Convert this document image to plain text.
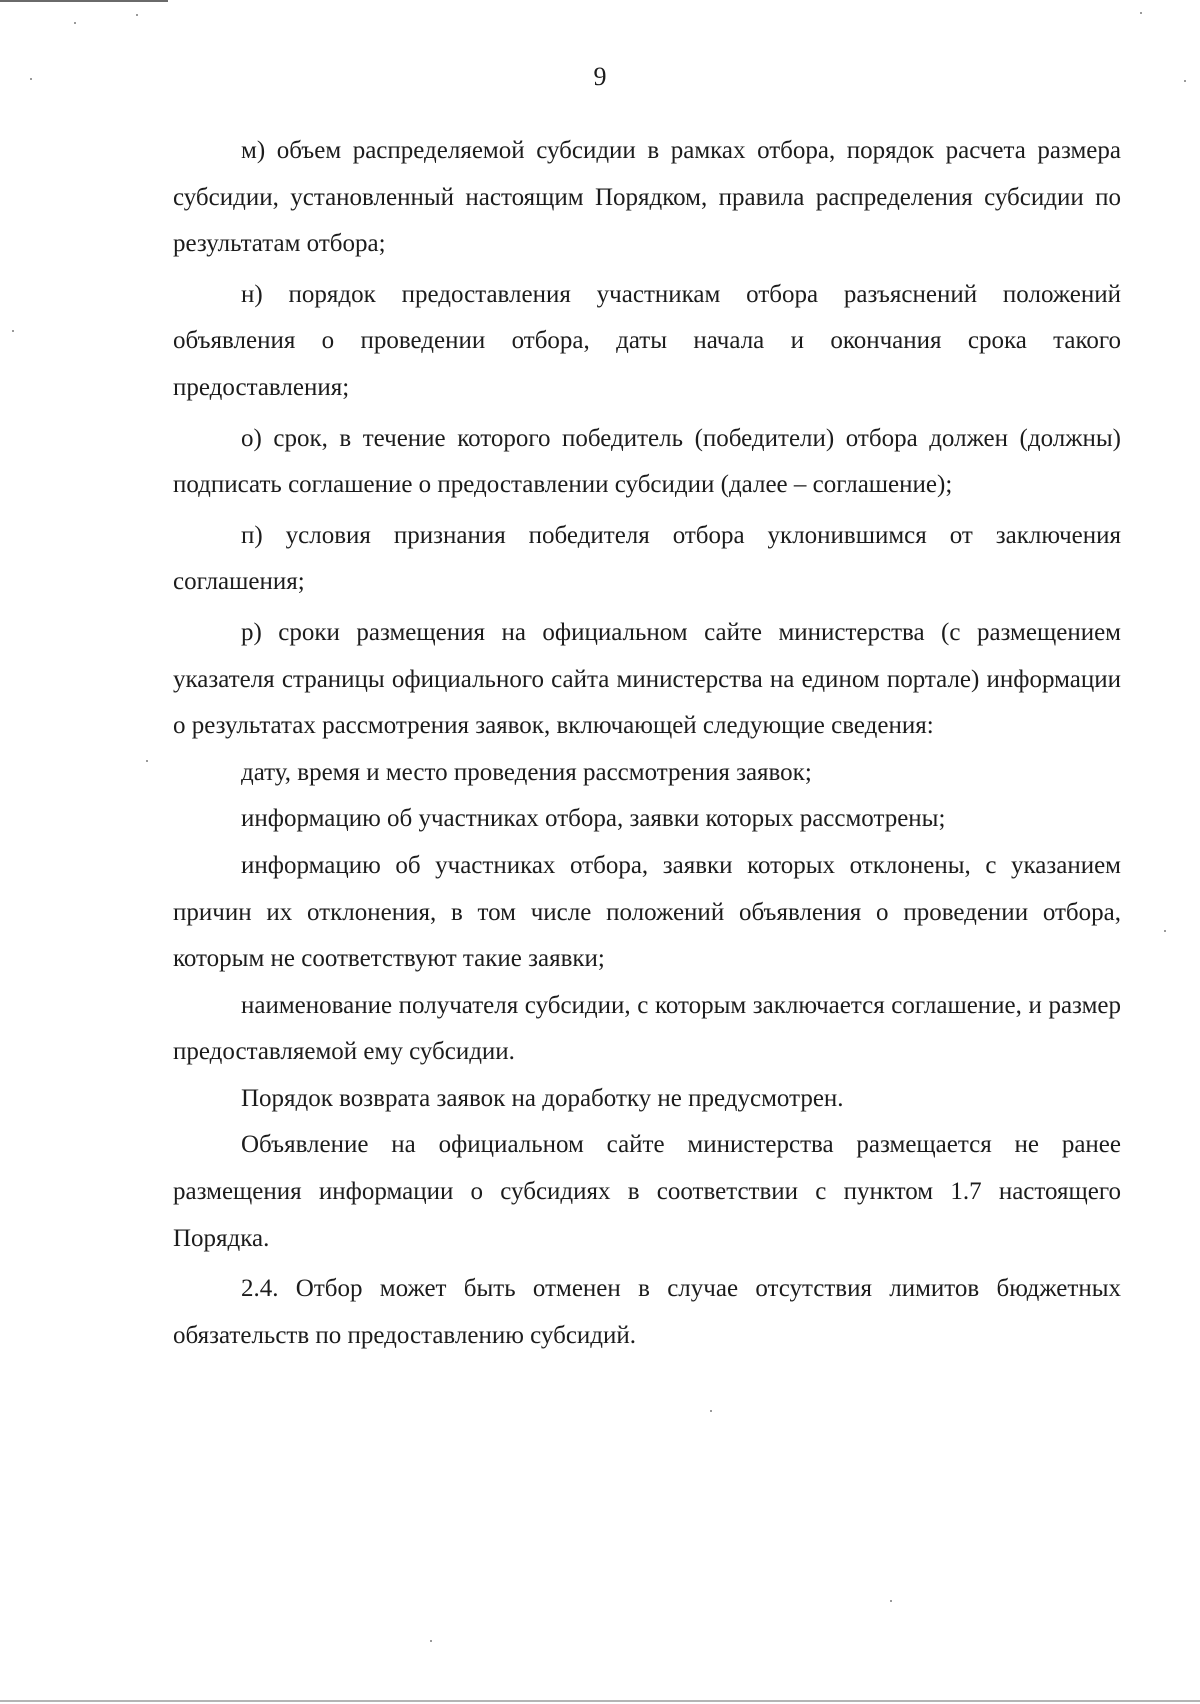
9

м) объем распределяемой субсидии в рамках отбора, порядок расчета размера субсидии, установленный настоящим Порядком, правила распределения субсидии по результатам отбора;

н) порядок предоставления участникам отбора разъяснений положений объявления о проведении отбора, даты начала и окончания срока такого предоставления;

о) срок, в течение которого победитель (победители) отбора должен (должны) подписать соглашение о предоставлении субсидии (далее – соглашение);

п) условия признания победителя отбора уклонившимся от заключения соглашения;

р) сроки размещения на официальном сайте министерства (с размещением указателя страницы официального сайта министерства на едином портале) информации о результатах рассмотрения заявок, включающей следующие сведения:

дату, время и место проведения рассмотрения заявок;

информацию об участниках отбора, заявки которых рассмотрены;

информацию об участниках отбора, заявки которых отклонены, с указанием причин их отклонения, в том числе положений объявления о проведении отбора, которым не соответствуют такие заявки;

наименование получателя субсидии, с которым заключается соглашение, и размер предоставляемой ему субсидии.

Порядок возврата заявок на доработку не предусмотрен.

Объявление на официальном сайте министерства размещается не ранее размещения информации о субсидиях в соответствии с пунктом 1.7 настоящего Порядка.

2.4. Отбор может быть отменен в случае отсутствия лимитов бюджетных обязательств по предоставлению субсидий.
